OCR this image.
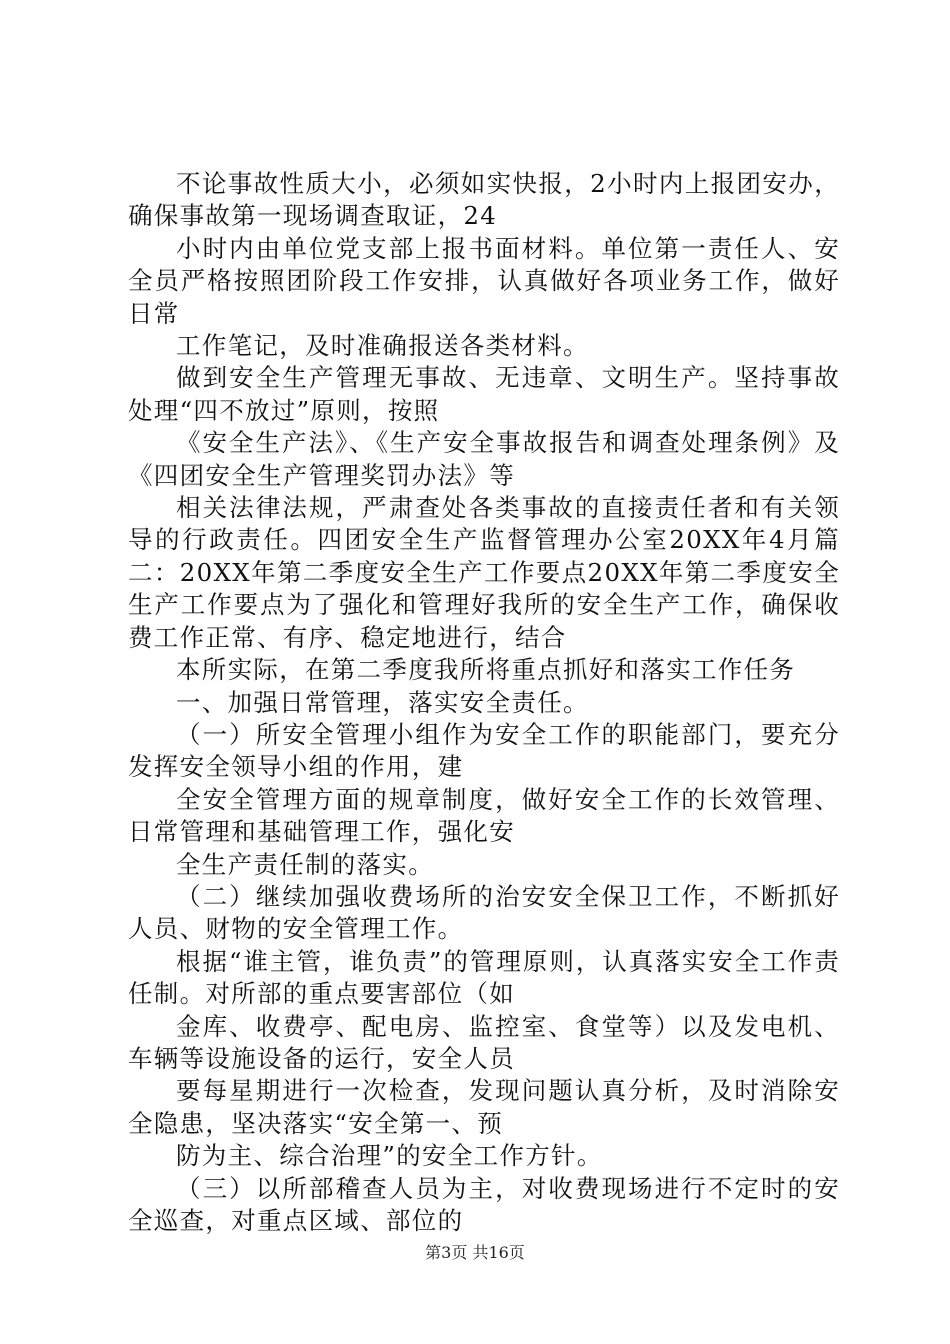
不论事故性质大小，必须如实快报，2小时内上报团安办，确保事故第一现场调查取证，24

小时内由单位党支部上报书面材料。单位第一责任人、安全员严格按照团阶段工作安排，认真做好各项业务工作，做好日常

工作笔记，及时准确报送各类材料。

做到安全生产管理无事故、无违章、文明生产。坚持事故处理“四不放过”原则，按照

《安全生产法》、《生产安全事故报告和调查处理条例》及《四团安全生产管理奖罚办法》等

相关法律法规，严肃查处各类事故的直接责任者和有关领导的行政责任。四团安全生产监督管理办公室20XX年4月篇二：20XX年第二季度安全生产工作要点20XX年第二季度安全生产工作要点为了强化和管理好我所的安全生产工作，确保收费工作正常、有序、稳定地进行，结合

本所实际，在第二季度我所将重点抓好和落实工作任务

一、加强日常管理，落实安全责任。

（一）所安全管理小组作为安全工作的职能部门，要充分发挥安全领导小组的作用，建

全安全管理方面的规章制度，做好安全工作的长效管理、日常管理和基础管理工作，强化安

全生产责任制的落实。

（二）继续加强收费场所的治安安全保卫工作，不断抓好人员、财物的安全管理工作。

根据“谁主管，谁负责”的管理原则，认真落实安全工作责任制。对所部的重点要害部位（如

金库、收费亭、配电房、监控室、食堂等）以及发电机、车辆等设施设备的运行，安全人员

要每星期进行一次检查，发现问题认真分析，及时消除安全隐患，坚决落实“安全第一、预

防为主、综合治理”的安全工作方针。

（三）以所部稽查人员为主，对收费现场进行不定时的安全巡查，对重点区域、部位的

第3页 共16页
